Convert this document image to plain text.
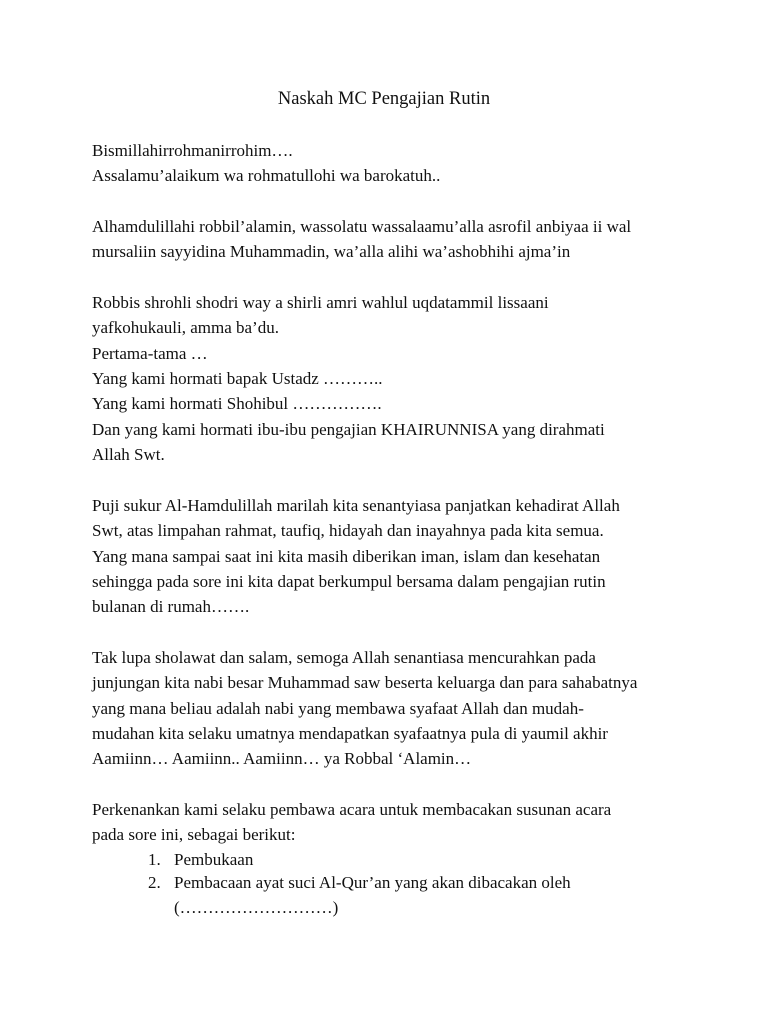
Naskah MC Pengajian Rutin
Bismillahirrohmanirrohim….
Assalamu’alaikum wa rohmatullohi wa barokatuh..
Alhamdulillahi robbil’alamin, wassolatu wassalaamu’alla asrofil anbiyaa ii wal
mursaliin sayyidina Muhammadin, wa’alla alihi wa’ashobhihi ajma’in
Robbis shrohli shodri way a shirli amri wahlul uqdatammil lissaani
yafkohukauli, amma ba’du.
Pertama-tama …
Yang kami hormati bapak Ustadz ………..
Yang kami hormati Shohibul …………….
Dan yang kami hormati ibu-ibu pengajian KHAIRUNNISA yang dirahmati
Allah Swt.
Puji sukur Al-Hamdulillah marilah kita senantyiasa panjatkan kehadirat Allah
Swt, atas limpahan rahmat, taufiq, hidayah dan inayahnya pada kita semua.
Yang mana sampai saat ini kita masih diberikan iman, islam dan kesehatan
sehingga pada sore ini kita dapat berkumpul bersama dalam pengajian rutin
bulanan di rumah…….
Tak lupa sholawat dan salam, semoga Allah senantiasa mencurahkan pada
junjungan kita nabi besar Muhammad saw beserta keluarga dan para sahabatnya
yang mana beliau adalah nabi yang membawa syafaat Allah dan mudah-
mudahan kita selaku umatnya mendapatkan syafaatnya pula di yaumil akhir
Aamiinn… Aamiinn.. Aamiinn… ya Robbal ‘Alamin…
Perkenankan kami selaku pembawa acara untuk membacakan susunan acara
pada sore ini, sebagai berikut:
1. Pembukaan
2. Pembacaan ayat suci Al-Qur’an yang akan dibacakan oleh
(………………………)
